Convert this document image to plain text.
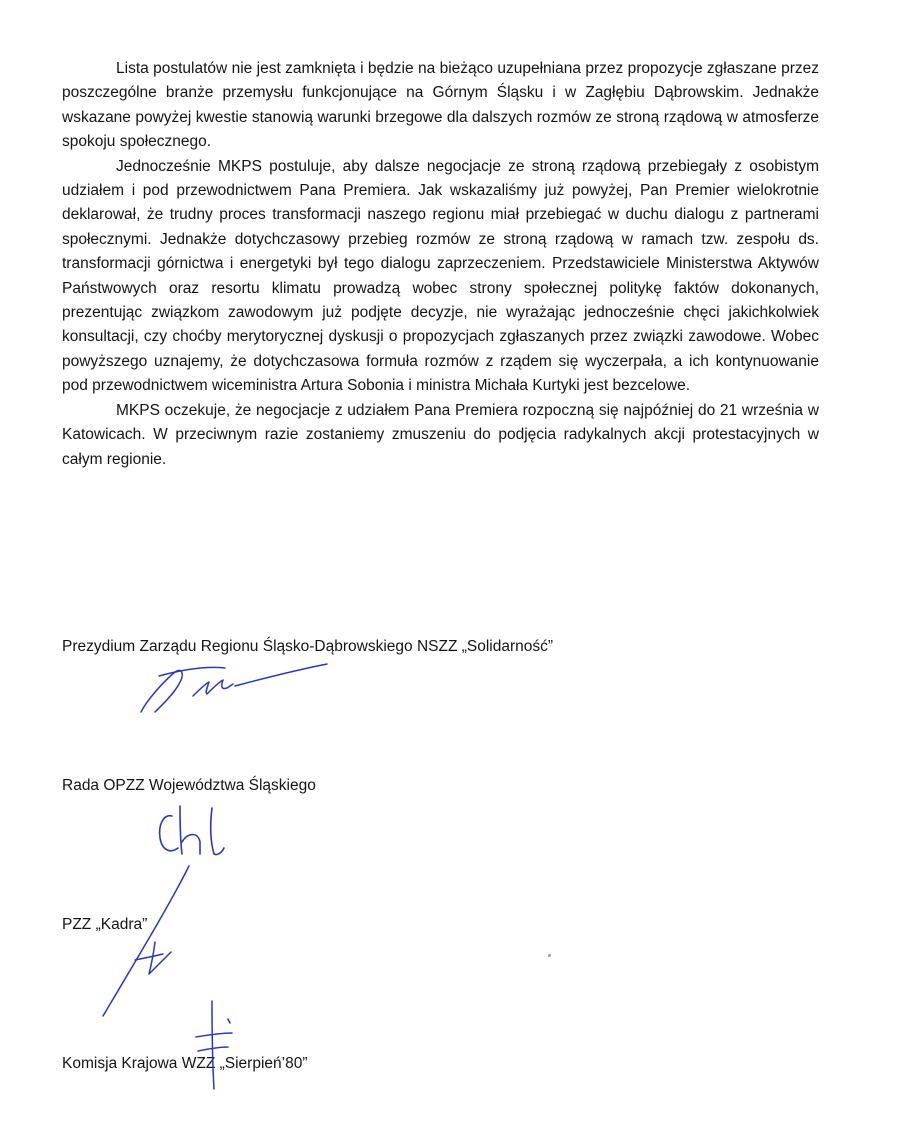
Lista postulatów nie jest zamknięta i będzie na bieżąco uzupełniana przez propozycje zgłaszane przez poszczególne branże przemysłu funkcjonujące na Górnym Śląsku i w Zagłębiu Dąbrowskim. Jednakże wskazane powyżej kwestie stanowią warunki brzegowe dla dalszych rozmów ze stroną rządową w atmosferze spokoju społecznego.

Jednocześnie MKPS postuluje, aby dalsze negocjacje ze stroną rządową przebiegały z osobistym udziałem i pod przewodnictwem Pana Premiera. Jak wskazaliśmy już powyżej, Pan Premier wielokrotnie deklarował, że trudny proces transformacji naszego regionu miał przebiegać w duchu dialogu z partnerami społecznymi. Jednakże dotychczasowy przebieg rozmów ze stroną rządową w ramach tzw. zespołu ds. transformacji górnictwa i energetyki był tego dialogu zaprzeczeniem. Przedstawiciele Ministerstwa Aktywów Państwowych oraz resortu klimatu prowadzą wobec strony społecznej politykę faktów dokonanych, prezentując związkom zawodowym już podjęte decyzje, nie wyrażając jednocześnie chęci jakichkolwiek konsultacji, czy choćby merytorycznej dyskusji o propozycjach zgłaszanych przez związki zawodowe. Wobec powyższego uznajemy, że dotychczasowa formuła rozmów z rządem się wyczerpała, a ich kontynuowanie pod przewodnictwem wiceministra Artura Sobonia i ministra Michała Kurtyki jest bezcelowe.

MKPS oczekuje, że negocjacje z udziałem Pana Premiera rozpoczną się najpóźniej do 21 września w Katowicach. W przeciwnym razie zostaniemy zmuszeniu do podjęcia radykalnych akcji protestacyjnych w całym regionie.

Prezydium Zarządu Regionu Śląsko-Dąbrowskiego NSZZ „Solidarność”
Rada OPZZ Województwa Śląskiego
PZZ „Kadra”
Komisja Krajowa WZZ „Sierpień’80”
